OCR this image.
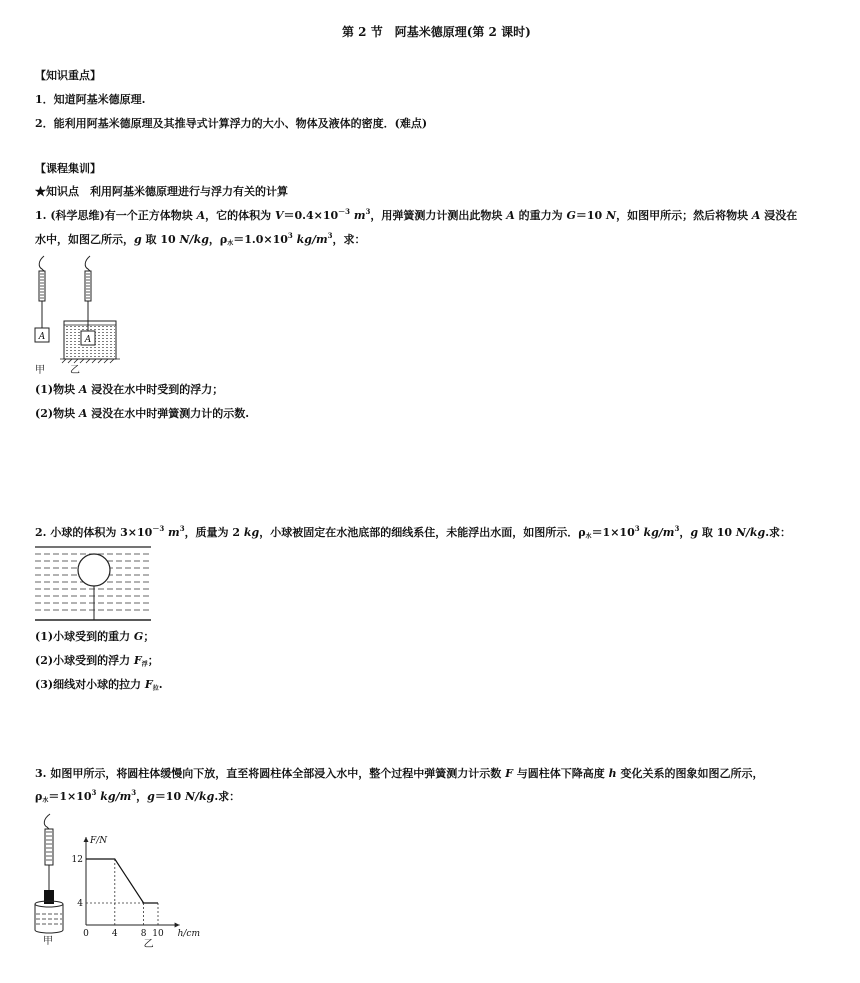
第 2 节　阿基米德原理(第 2 课时)
【知识重点】
1．知道阿基米德原理.
2．能利用阿基米德原理及其推导式计算浮力的大小、物体及液体的密度．(难点)
【课程集训】
★知识点　利用阿基米德原理进行与浮力有关的计算
1. (科学思维)有一个正方体物块 A，它的体积为 $V=0.4\times 10^{-3}$ $m^3$，用弹簧测力计测出此物块 A 的重力为 G＝10 N，如图甲所示；然后将物块 A 浸没在
水中，如图乙所示，g 取 10 N/kg，$\rho_水=1.0\times 10^3$ $kg/m^3$，求：
A	A
甲	乙
(1)物块 A 浸没在水中时受到的浮力；
(2)物块 A 浸没在水中时弹簧测力计的示数.
2. 小球的体积为 $3\times 10^{-3}$ $m^3$，质量为 2 kg，小球被固定在水池底部的细线系住，未能浮出水面，如图所示．$\rho_水=1\times 10^3$ $kg/m^3$，g 取 10 N/kg.求：
(1)小球受到的重力 G；
(2)小球受到的浮力 $F_浮$；
(3)细线对小球的拉力 $F_拉$.
3. 如图甲所示，将圆柱体缓慢向下放，直至将圆柱体全部浸入水中，整个过程中弹簧测力计示数 F 与圆柱体下降高度 h 变化关系的图象如图乙所示，
$\rho_水=1\times 10^3$ $kg/m^3$，g＝10 N/kg.求：
甲
0	4	8 10
12
4
h/cm
F/N
乙
